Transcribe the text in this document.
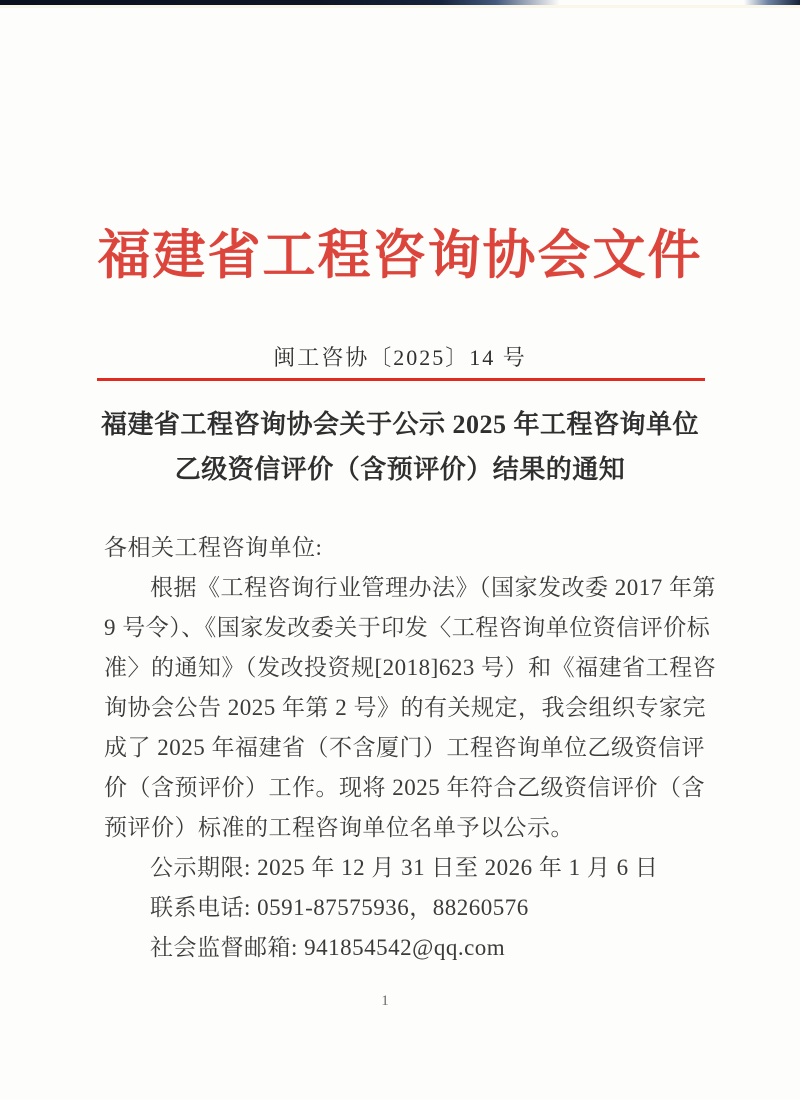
福建省工程咨询协会文件
闽工咨协〔2025〕14 号
福建省工程咨询协会关于公示 2025 年工程咨询单位
乙级资信评价（含预评价）结果的通知

各相关工程咨询单位:

根据《工程咨询行业管理办法》（国家发改委 2017 年第

9 号令）、《国家发改委关于印发〈工程咨询单位资信评价标

准〉的通知》（发改投资规[2018]623 号）和《福建省工程咨

询协会公告 2025 年第 2 号》的有关规定，我会组织专家完

成了 2025 年福建省（不含厦门）工程咨询单位乙级资信评

价（含预评价）工作。现将 2025 年符合乙级资信评价（含

预评价）标准的工程咨询单位名单予以公示。

公示期限: 2025 年 12 月 31 日至 2026 年 1 月 6 日

联系电话: 0591-87575936，88260576

社会监督邮箱: 941854542@qq.com

1
